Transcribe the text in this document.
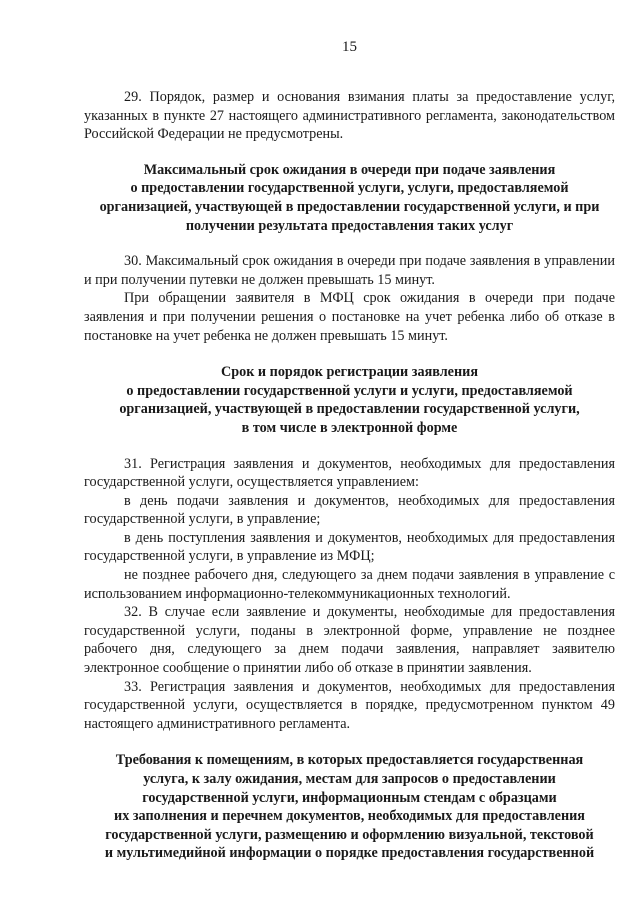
15

29. Порядок, размер и основания взимания платы за предоставление услуг, указанных в пункте 27 настоящего административного регламента, законодательством Российской Федерации не предусмотрены.

Максимальный срок ожидания в очереди при подаче заявления
о предоставлении государственной услуги, услуги, предоставляемой
организацией, участвующей в предоставлении государственной услуги, и при
получении результата предоставления таких услуг

30. Максимальный срок ожидания в очереди при подаче заявления в управлении и при получении путевки не должен превышать 15 минут.

При обращении заявителя в МФЦ срок ожидания в очереди при подаче заявления и при получении решения о постановке на учет ребенка либо об отказе в постановке на учет ребенка не должен превышать 15 минут.

Срок и порядок регистрации заявления
о предоставлении государственной услуги и услуги, предоставляемой
организацией, участвующей в предоставлении государственной услуги,
в том числе в электронной форме

31. Регистрация заявления и документов, необходимых для предоставления государственной услуги, осуществляется управлением:

в день подачи заявления и документов, необходимых для предоставления государственной услуги, в управление;

в день поступления заявления и документов, необходимых для предоставления государственной услуги, в управление из МФЦ;

не позднее рабочего дня, следующего за днем подачи заявления в управление с использованием информационно-телекоммуникационных технологий.

32. В случае если заявление и документы, необходимые для предоставления государственной услуги, поданы в электронной форме, управление не позднее рабочего дня, следующего за днем подачи заявления, направляет заявителю электронное сообщение о принятии либо об отказе в принятии заявления.

33. Регистрация заявления и документов, необходимых для предоставления государственной услуги, осуществляется в порядке, предусмотренном пунктом 49 настоящего административного регламента.

Требования к помещениям, в которых предоставляется государственная
услуга, к залу ожидания, местам для запросов о предоставлении
государственной услуги, информационным стендам с образцами
их заполнения и перечнем документов, необходимых для предоставления
государственной услуги, размещению и оформлению визуальной, текстовой
и мультимедийной информации о порядке предоставления государственной
